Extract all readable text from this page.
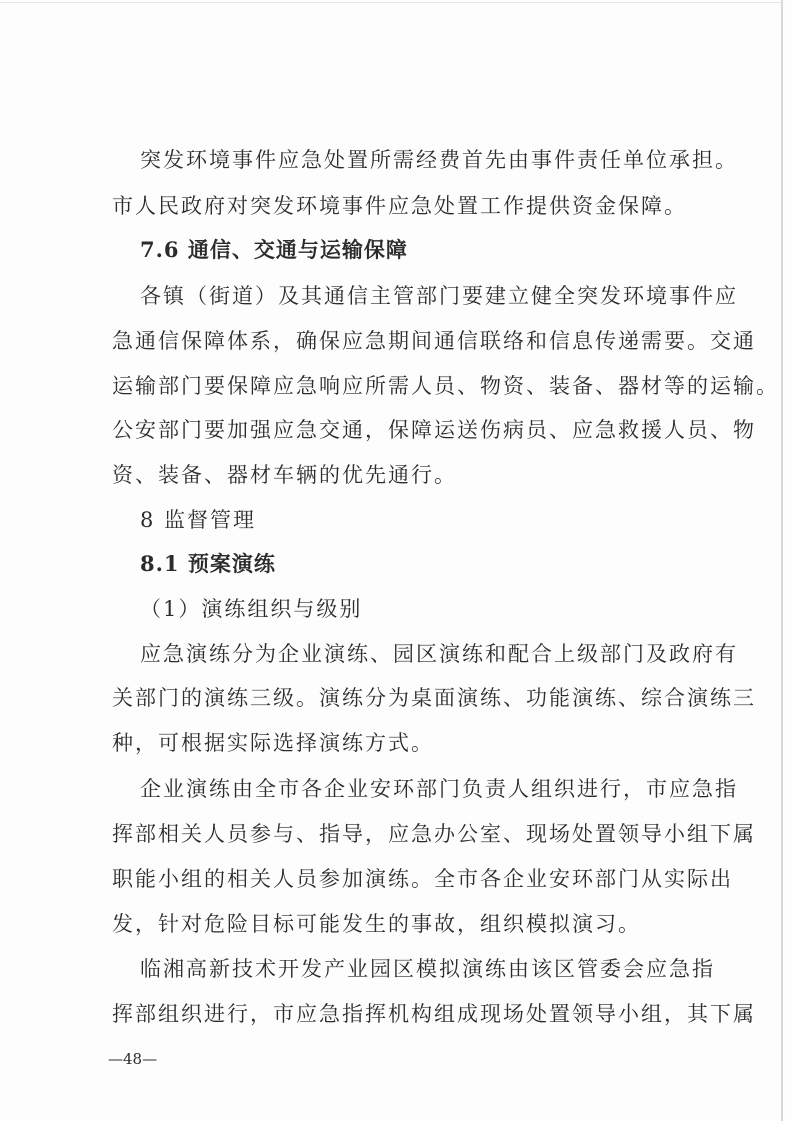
突发环境事件应急处置所需经费首先由事件责任单位承担。
市人民政府对突发环境事件应急处置工作提供资金保障。
7.6 通信、交通与运输保障
各镇（街道）及其通信主管部门要建立健全突发环境事件应
急通信保障体系，确保应急期间通信联络和信息传递需要。交通
运输部门要保障应急响应所需人员、物资、装备、器材等的运输。
公安部门要加强应急交通，保障运送伤病员、应急救援人员、物
资、装备、器材车辆的优先通行。
8 监督管理
8.1 预案演练
（1）演练组织与级别
应急演练分为企业演练、园区演练和配合上级部门及政府有
关部门的演练三级。演练分为桌面演练、功能演练、综合演练三
种，可根据实际选择演练方式。
企业演练由全市各企业安环部门负责人组织进行，市应急指
挥部相关人员参与、指导，应急办公室、现场处置领导小组下属
职能小组的相关人员参加演练。全市各企业安环部门从实际出
发，针对危险目标可能发生的事故，组织模拟演习。
临湘高新技术开发产业园区模拟演练由该区管委会应急指
挥部组织进行，市应急指挥机构组成现场处置领导小组，其下属
—48—
